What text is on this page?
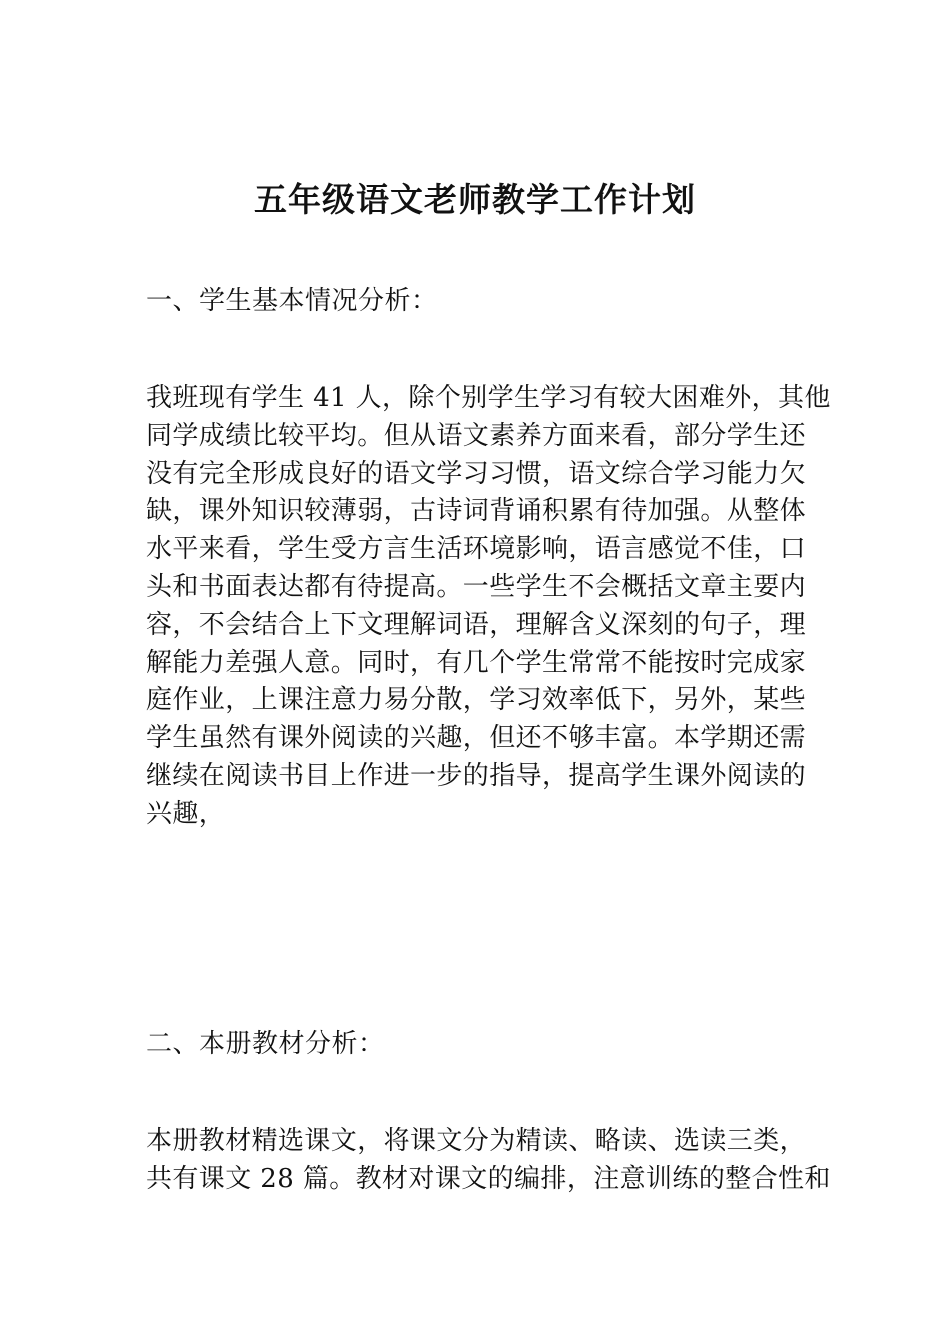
五年级语文老师教学工作计划

一、学生基本情况分析：

我班现有学生 41 人，除个别学生学习有较大困难外，其他
同学成绩比较平均。但从语文素养方面来看，部分学生还
没有完全形成良好的语文学习习惯，语文综合学习能力欠
缺，课外知识较薄弱，古诗词背诵积累有待加强。从整体
水平来看，学生受方言生活环境影响，语言感觉不佳，口
头和书面表达都有待提高。一些学生不会概括文章主要内
容，不会结合上下文理解词语，理解含义深刻的句子，理
解能力差强人意。同时，有几个学生常常不能按时完成家
庭作业，上课注意力易分散，学习效率低下，另外，某些
学生虽然有课外阅读的兴趣，但还不够丰富。本学期还需
继续在阅读书目上作进一步的指导，提高学生课外阅读的
兴趣，

二、本册教材分析：

本册教材精选课文，将课文分为精读、略读、选读三类，
共有课文 28 篇。教材对课文的编排，注意训练的整合性和
